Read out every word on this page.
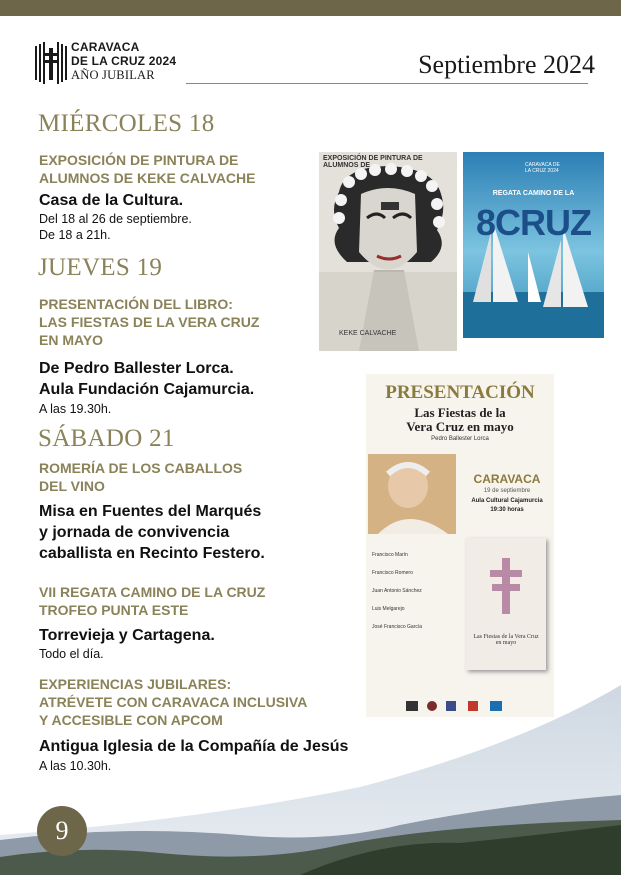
CARAVACA
DE LA CRUZ 2024
AÑO JUBILAR	Septiembre 2024
MIÉRCOLES 18
EXPOSICIÓN DE PINTURA DE
ALUMNOS DE KEKE CALVACHE
Casa de la Cultura.
Del 18 al 26 de septiembre.
De 18 a 21h.
JUEVES 19
PRESENTACIÓN DEL LIBRO:
LAS FIESTAS DE LA VERA CRUZ
EN MAYO
De Pedro Ballester Lorca.
Aula Fundación Cajamurcia.
A las 19.30h.
SÁBADO 21
ROMERÍA DE LOS CABALLOS
DEL VINO
Misa en Fuentes del Marqués
y jornada de convivencia
caballista en Recinto Festero.
VII REGATA CAMINO DE LA CRUZ
TROFEO PUNTA ESTE
Torrevieja y Cartagena.
Todo el día.
EXPERIENCIAS JUBILARES:
ATRÉVETE CON CARAVACA INCLUSIVA
Y ACCESIBLE CON APCOM
Antigua Iglesia de la Compañía de Jesús
A las 10.30h.
EXPOSICIÓN DE PINTURA DE ALUMNOS DE
KEKE CALVACHE
REGATA CAMINO DE LA
8CRUZ
CARAVACA DE LA CRUZ 2024
PRESENTACIÓN
Las Fiestas de la
Vera Cruz en mayo
Pedro Ballester Lorca
CARAVACA
19 de septiembre
Aula Cultural Cajamurcia
19:30 horas
Francisco Marín
Francisco Romero
Juan Antonio Sánchez
Luis Melgarejo
José Francisco García
Las Fiestas de la Vera Cruz en mayo
9
